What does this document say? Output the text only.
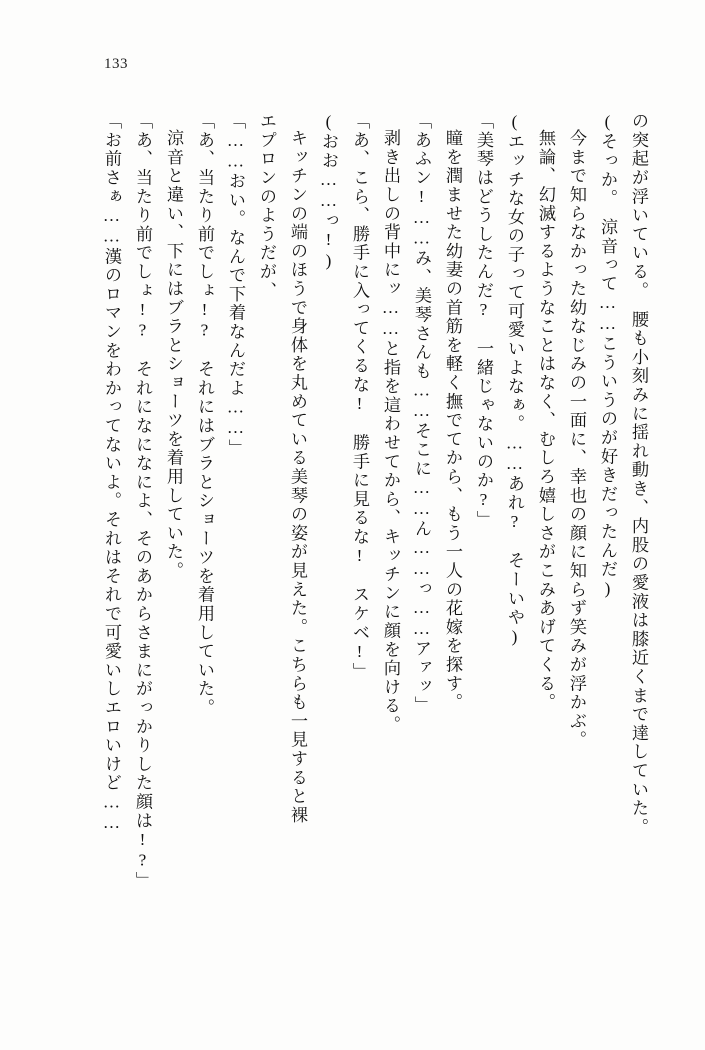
133
の突起が浮いている。　腰も小刻みに揺れ動き、内股の愛液は膝近くまで達していた。
(そっか。　涼音って……こういうのが好きだったんだ)
今まで知らなかった幼なじみの一面に、幸也の顔に知らず笑みが浮かぶ。
無論、幻滅するようなことはなく、むしろ嬉しさがこみあげてくる。
(エッチな女の子って可愛いよなぁ。……あれ?　そーいや)
「美琴はどうしたんだ?　一緒じゃないのか?」
瞳を潤ませた幼妻の首筋を軽く撫でてから、もう一人の花嫁を探す。
「あふン!……み、美琴さんも……そこに……ん……っ……アァッ」
剥き出しの背中にッ……と指を這わせてから、キッチンに顔を向ける。
「あ、こら、勝手に入ってくるな!　勝手に見るな!　スケベ!」
(おお……っ!)
キッチンの端のほうで身体を丸めている美琴の姿が見えた。こちらも一見すると裸
エプロンのようだが、
「……おい。なんで下着なんだよ……」
「あ、当たり前でしょ!?　それにはブラとショーツを着用していた。
涼音と違い、下にはブラとショーツを着用していた。
「あ、当たり前でしょ!?　それになになによ、そのあからさまにがっかりした顔は!?」
「お前さぁ……漢のロマンをわかってないよ。それはそれで可愛いしエロいけど……
